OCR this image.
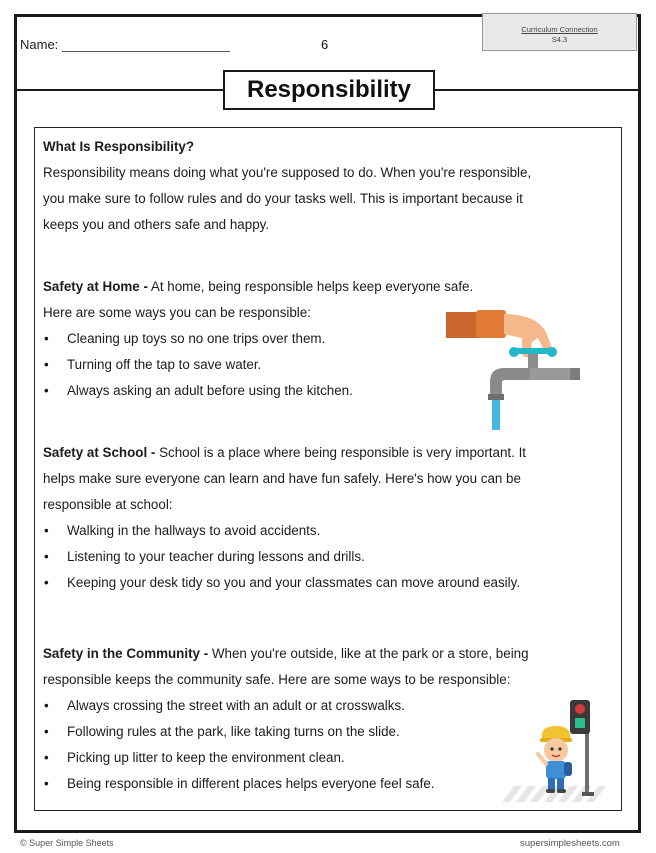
Name:	6
Curriculum Connection
S4.3
Responsibility
What Is Responsibility?
Responsibility means doing what you're supposed to do. When you're responsible,
you make sure to follow rules and do your tasks well. This is important because it
keeps you and others safe and happy.
Safety at Home - At home, being responsible helps keep everyone safe.
Here are some ways you can be responsible:
• Cleaning up toys so no one trips over them.
• Turning off the tap to save water.
• Always asking an adult before using the kitchen.
Safety at School - School is a place where being responsible is very important. It
helps make sure everyone can learn and have fun safely. Here's how you can be
responsible at school:
• Walking in the hallways to avoid accidents.
• Listening to your teacher during lessons and drills.
• Keeping your desk tidy so you and your classmates can move around easily.
Safety in the Community - When you're outside, like at the park or a store, being
responsible keeps the community safe. Here are some ways to be responsible:
• Always crossing the street with an adult or at crosswalks.
• Following rules at the park, like taking turns on the slide.
• Picking up litter to keep the environment clean.
• Being responsible in different places helps everyone feel safe.
© Super Simple Sheets	supersimplesheets.com
